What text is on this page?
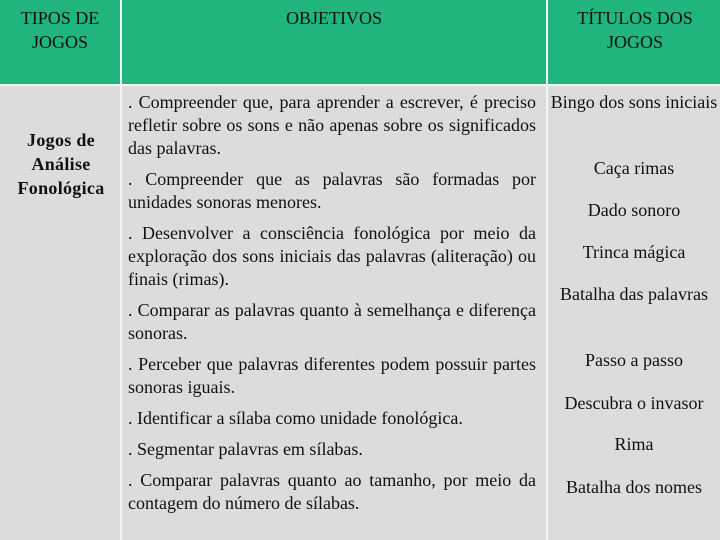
TIPOS DE JOGOS
OBJETIVOS	TÍTULOS DOS JOGOS
Jogos de Análise Fonológica
. Compreender que, para aprender a escrever, é preciso refletir sobre os sons e não apenas sobre os significados das palavras.
. Compreender que as palavras são formadas por unidades sonoras menores.
. Desenvolver a consciência fonológica por meio da exploração dos sons iniciais das palavras (aliteração) ou finais (rimas).
. Comparar as palavras quanto à semelhança e diferença sonoras.
. Perceber que palavras diferentes podem possuir partes sonoras iguais.
. Identificar a sílaba como unidade fonológica.
. Segmentar palavras em sílabas.
. Comparar palavras quanto ao tamanho, por meio da contagem do número de sílabas.
Bingo dos sons iniciais
Caça rimas
Dado sonoro
Trinca mágica
Batalha das palavras
Passo a passo
Descubra o invasor
Rima
Batalha dos nomes
